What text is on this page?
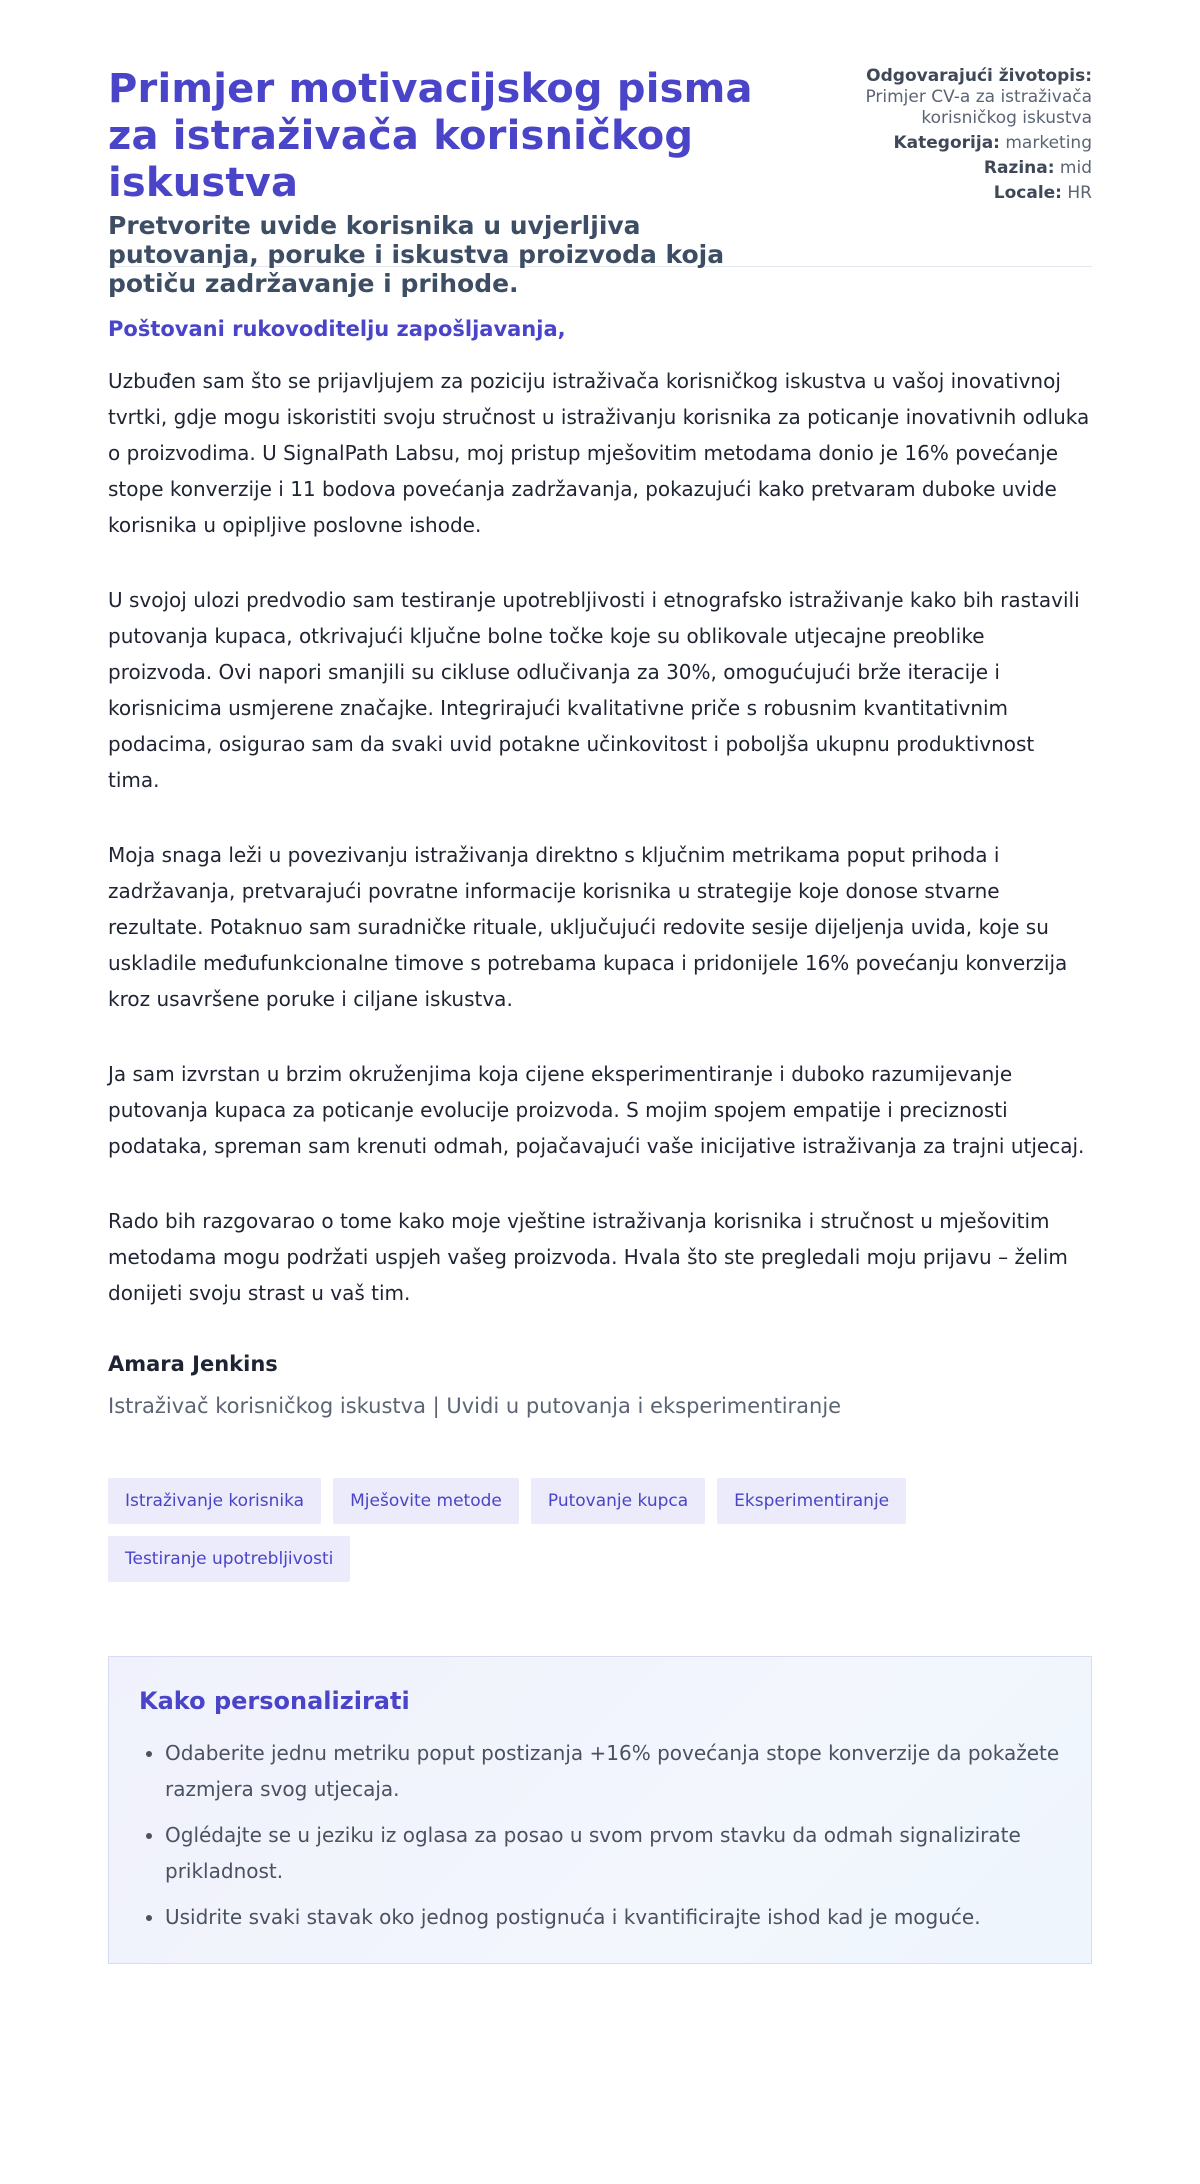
Primjer motivacijskog pisma za istraživača korisničkog iskustva

Pretvorite uvide korisnika u uvjerljiva putovanja, poruke i iskustva proizvoda koja potiču zadržavanje i prihode.

Odgovarajući životopis:
Primjer CV-a za istraživača korisničkog iskustva
Kategorija: marketing
Razina: mid
Locale: HR
Poštovani rukovoditelju zapošljavanja,

Uzbuđen sam što se prijavljujem za poziciju istraživača korisničkog iskustva u vašoj inovativnoj tvrtki, gdje mogu iskoristiti svoju stručnost u istraživanju korisnika za poticanje inovativnih odluka o proizvodima. U SignalPath Labsu, moj pristup mješovitim metodama donio je 16% povećanje stope konverzije i 11 bodova povećanja zadržavanja, pokazujući kako pretvaram duboke uvide korisnika u opipljive poslovne ishode.

U svojoj ulozi predvodio sam testiranje upotrebljivosti i etnografsko istraživanje kako bih rastavili putovanja kupaca, otkrivajući ključne bolne točke koje su oblikovale utjecajne preoblike proizvoda. Ovi napori smanjili su cikluse odlučivanja za 30%, omogućujući brže iteracije i korisnicima usmjerene značajke. Integrirajući kvalitativne priče s robusnim kvantitativnim podacima, osigurao sam da svaki uvid potakne učinkovitost i poboljša ukupnu produktivnost tima.

Moja snaga leži u povezivanju istraživanja direktno s ključnim metrikama poput prihoda i zadržavanja, pretvarajući povratne informacije korisnika u strategije koje donose stvarne rezultate. Potaknuo sam suradničke rituale, uključujući redovite sesije dijeljenja uvida, koje su uskladile međufunkcionalne timove s potrebama kupaca i pridonijele 16% povećanju konverzija kroz usavršene poruke i ciljane iskustva.

Ja sam izvrstan u brzim okruženjima koja cijene eksperimentiranje i duboko razumijevanje putovanja kupaca za poticanje evolucije proizvoda. S mojim spojem empatije i preciznosti podataka, spreman sam krenuti odmah, pojačavajući vaše inicijative istraživanja za trajni utjecaj.

Rado bih razgovarao o tome kako moje vještine istraživanja korisnika i stručnost u mješovitim metodama mogu podržati uspjeh vašeg proizvoda. Hvala što ste pregledali moju prijavu – želim donijeti svoju strast u vaš tim.

Amara Jenkins
Istraživač korisničkog iskustva | Uvidi u putovanja i eksperimentiranje
Istraživanje korisnika	Mješovite metode	Putovanje kupca	Eksperimentiranje
Testiranje upotrebljivosti
Kako personalizirati
• Odaberite jednu metriku poput postizanja +16% povećanja stope konverzije da pokažete razmjera svog utjecaja.
• Oglédajte se u jeziku iz oglasa za posao u svom prvom stavku da odmah signalizirate prikladnost.
• Usidrite svaki stavak oko jednog postignuća i kvantificirajte ishod kad je moguće.
